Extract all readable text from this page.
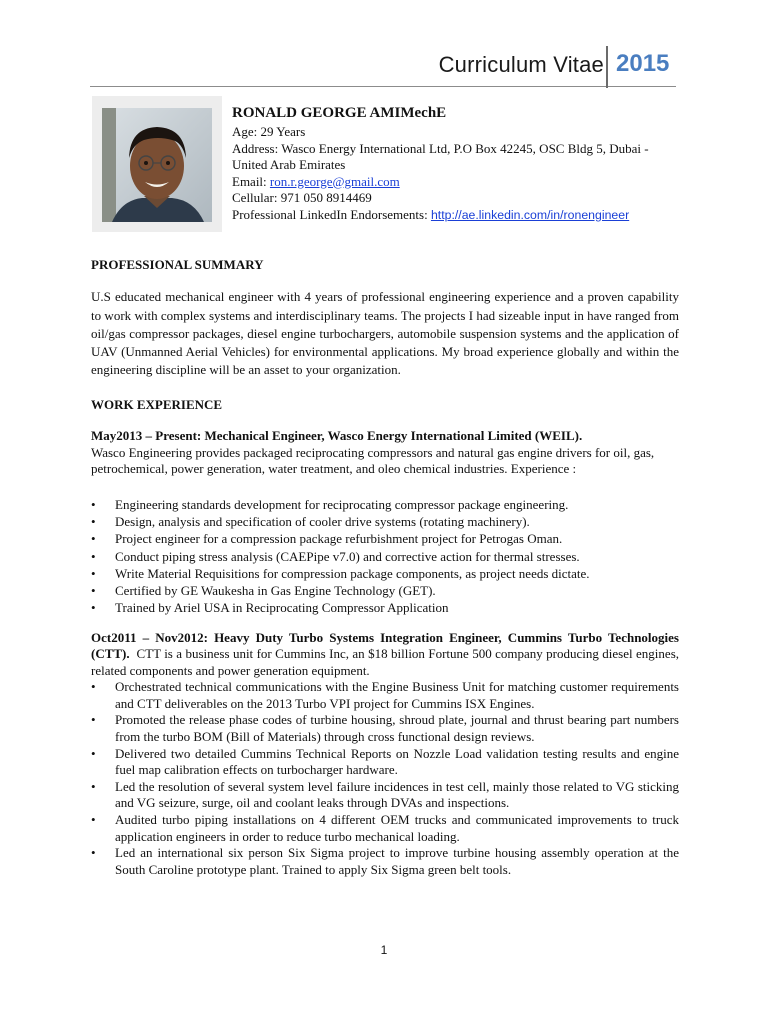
Curriculum Vitae 2015
RONALD GEORGE AMIMechE
Age: 29 Years
Address: Wasco Energy International Ltd, P.O Box 42245, OSC Bldg 5, Dubai - United Arab Emirates
Email: ron.r.george@gmail.com
Cellular: 971 050 8914469
Professional LinkedIn Endorsements: http://ae.linkedin.com/in/ronengineer
PROFESSIONAL SUMMARY
U.S educated mechanical engineer with 4 years of professional engineering experience and a proven capability to work with complex systems and interdisciplinary teams. The projects I had sizeable input in have ranged from oil/gas compressor packages, diesel engine turbochargers, automobile suspension systems and the application of UAV (Unmanned Aerial Vehicles) for environmental applications. My broad experience globally and within the engineering discipline will be an asset to your organization.
WORK EXPERIENCE
May2013 – Present: Mechanical Engineer, Wasco Energy International Limited (WEIL).
Wasco Engineering provides packaged reciprocating compressors and natural gas engine drivers for oil, gas, petrochemical, power generation, water treatment, and oleo chemical industries. Experience :
• Engineering standards development for reciprocating compressor package engineering.
• Design, analysis and specification of cooler drive systems (rotating machinery).
• Project engineer for a compression package refurbishment project for Petrogas Oman.
• Conduct piping stress analysis (CAEPipe v7.0) and corrective action for thermal stresses.
• Write Material Requisitions for compression package components, as project needs dictate.
• Certified by GE Waukesha in Gas Engine Technology (GET).
• Trained by Ariel USA in Reciprocating Compressor Application
Oct2011 – Nov2012: Heavy Duty Turbo Systems Integration Engineer, Cummins Turbo Technologies (CTT). CTT is a business unit for Cummins Inc, an $18 billion Fortune 500 company producing diesel engines, related components and power generation equipment.
• Orchestrated technical communications with the Engine Business Unit for matching customer requirements and CTT deliverables on the 2013 Turbo VPI project for Cummins ISX Engines.
• Promoted the release phase codes of turbine housing, shroud plate, journal and thrust bearing part numbers from the turbo BOM (Bill of Materials) through cross functional design reviews.
• Delivered two detailed Cummins Technical Reports on Nozzle Load validation testing results and engine fuel map calibration effects on turbocharger hardware.
• Led the resolution of several system level failure incidences in test cell, mainly those related to VG sticking and VG seizure, surge, oil and coolant leaks through DVAs and inspections.
• Audited turbo piping installations on 4 different OEM trucks and communicated improvements to truck application engineers in order to reduce turbo mechanical loading.
• Led an international six person Six Sigma project to improve turbine housing assembly operation at the South Caroline prototype plant. Trained to apply Six Sigma green belt tools.
1
